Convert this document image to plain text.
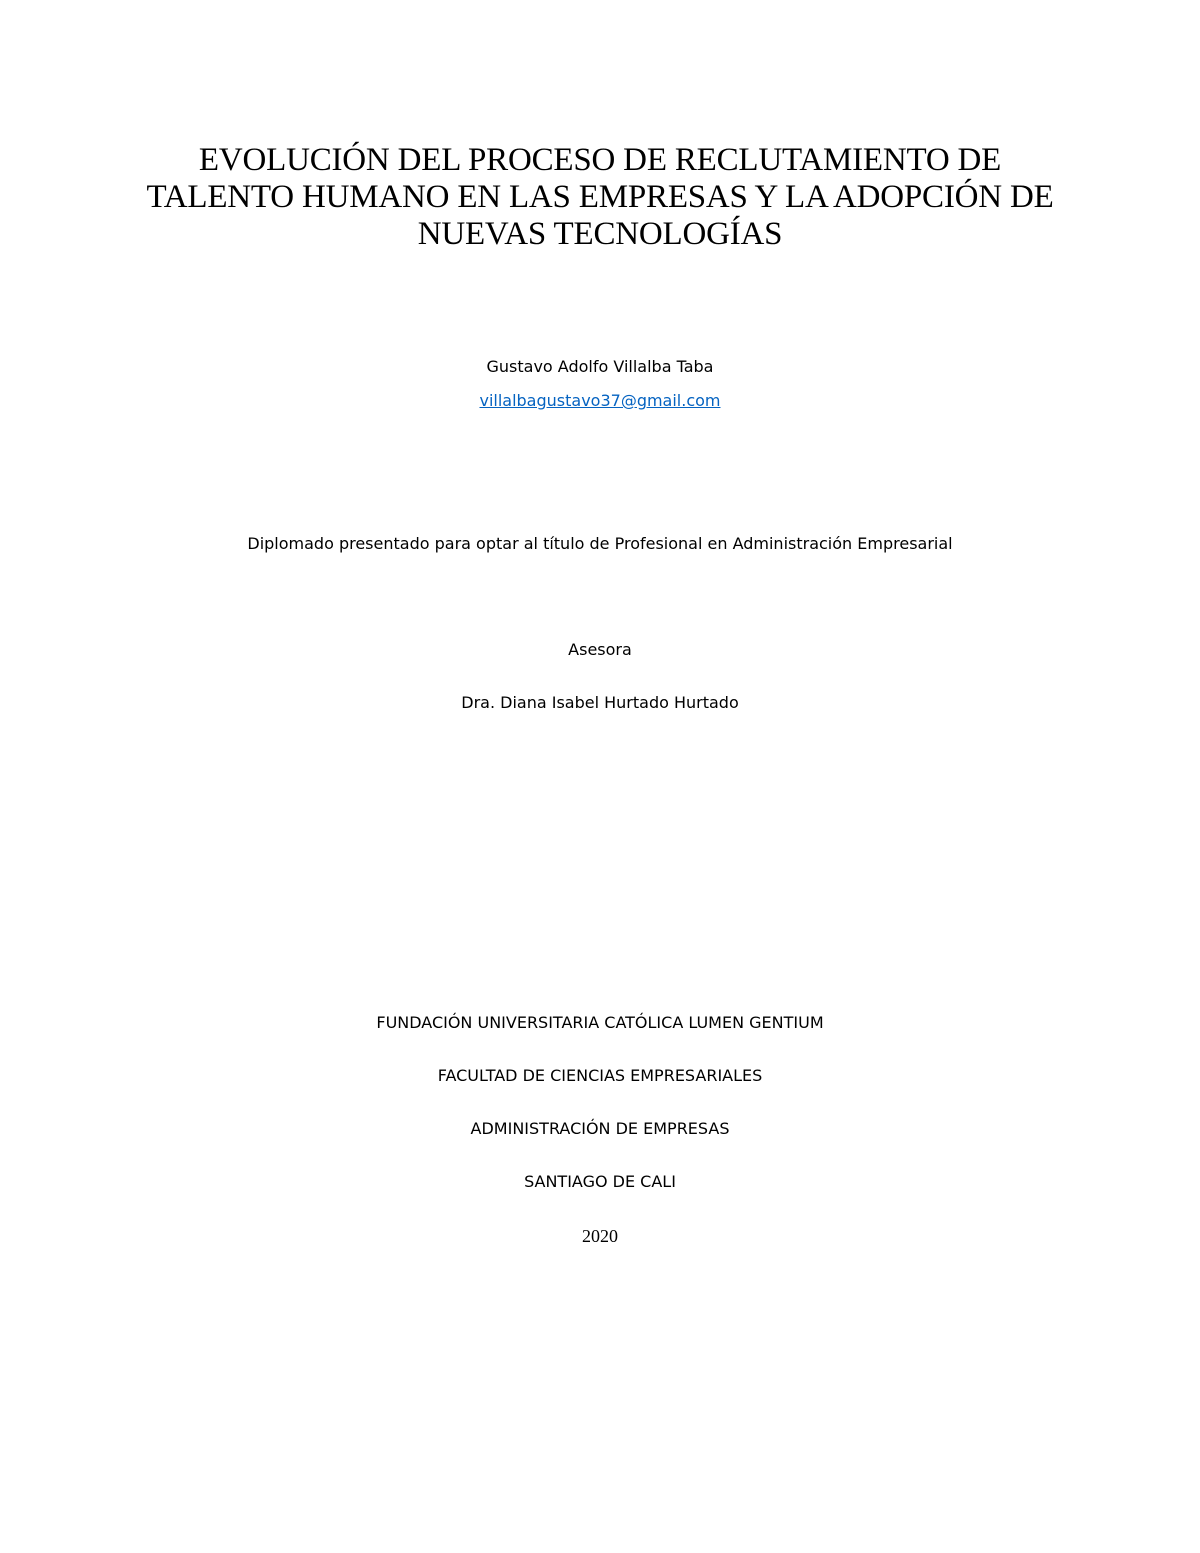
EVOLUCIÓN DEL PROCESO DE RECLUTAMIENTO DE
TALENTO HUMANO EN LAS EMPRESAS Y LA ADOPCIÓN DE
NUEVAS TECNOLOGÍAS
Gustavo Adolfo Villalba Taba
villalbagustavo37@gmail.com
Diplomado presentado para optar al título de Profesional en Administración Empresarial
Asesora
Dra. Diana Isabel Hurtado Hurtado
FUNDACIÓN UNIVERSITARIA CATÓLICA LUMEN GENTIUM
FACULTAD DE CIENCIAS EMPRESARIALES
ADMINISTRACIÓN DE EMPRESAS
SANTIAGO DE CALI
2020
